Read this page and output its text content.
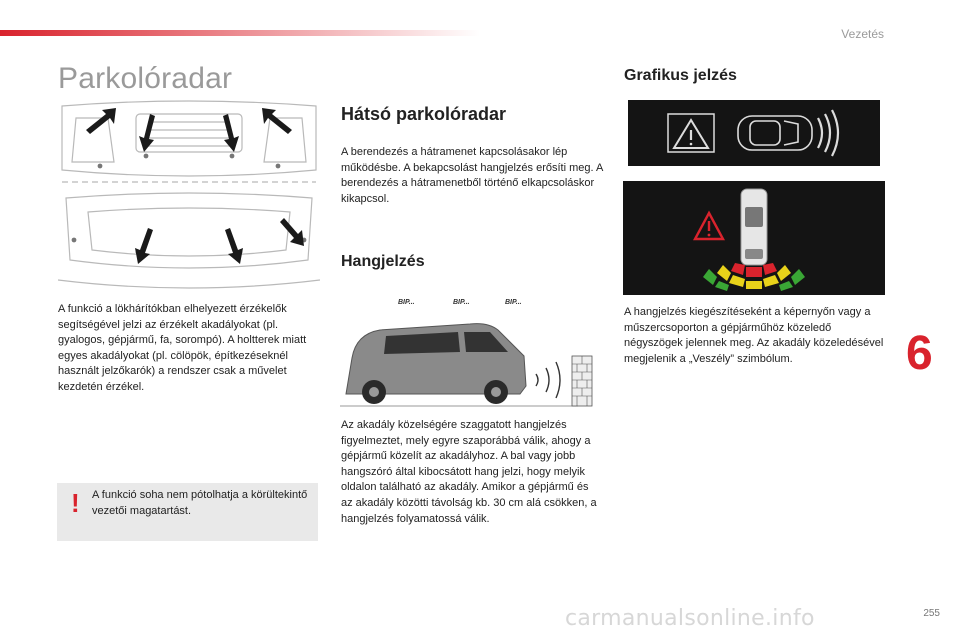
Vezetés
Parkolóradar

A funkció a lökhárítókban elhelyezett érzékelők segítségével jelzi az érzékelt akadályokat (pl. gyalogos, gépjármű, fa, sorompó). A holtterek miatt egyes akadályokat (pl. cölöpök, építkezéseknél használt jelzőkarók) a rendszer csak a művelet kezdetén érzékel.

! A funkció soha nem pótolhatja a körültekintő vezetői magatartást.
Hátsó parkolóradar

A berendezés a hátramenet kapcsolásakor lép működésbe. A bekapcsolást hangjelzés erősíti meg. A berendezés a hátramenetből történő elkapcsoláskor kikapcsol.

Hangjelzés
BIP...	BIP...	BIP...

Az akadály közelségére szaggatott hangjelzés figyelmeztet, mely egyre szaporábbá válik, ahogy a gépjármű közelít az akadályhoz. A bal vagy jobb hangszóró által kibocsátott hang jelzi, hogy melyik oldalon található az akadály. Amikor a gépjármű és az akadály közötti távolság kb. 30 cm alá csökken, a hangjelzés folyamatossá válik.

Grafikus jelzés

A hangjelzés kiegészítéseként a képernyőn vagy a műszercsoporton a gépjárműhöz közeledő négyszögek jelennek meg. Az akadály közeledésével megjelenik a „Veszély” szimbólum.	6
carmanualsonline.info	255
